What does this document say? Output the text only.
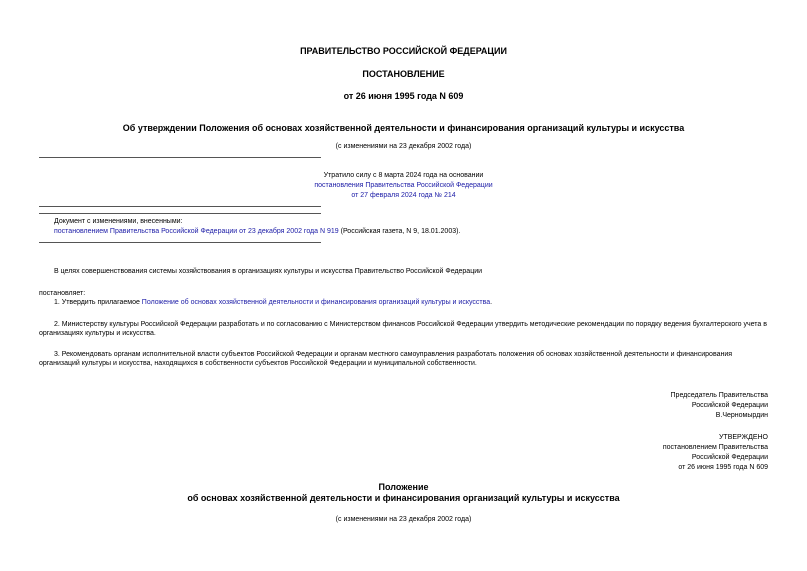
ПРАВИТЕЛЬСТВО РОССИЙСКОЙ ФЕДЕРАЦИИ
ПОСТАНОВЛЕНИЕ
от 26 июня 1995 года N 609
Об утверждении Положения об основах хозяйственной деятельности и финансирования организаций культуры и искусства
(с изменениями на 23 декабря 2002 года)
Утратило силу с 8 марта 2024 года на основании
постановления Правительства Российской Федерации
от 27 февраля 2024 года № 214
Документ с изменениями, внесенными:
постановлением Правительства Российской Федерации от 23 декабря 2002 года N 919 (Российская газета, N 9, 18.01.2003).
В целях совершенствования системы хозяйствования в организациях культуры и искусства Правительство Российской Федерации
постановляет:
1. Утвердить прилагаемое Положение об основах хозяйственной деятельности и финансирования организаций культуры и искусства.

2. Министерству культуры Российской Федерации разработать и по согласованию с Министерством финансов Российской Федерации утвердить методические рекомендации по порядку ведения бухгалтерского учета в организациях культуры и искусства.

3. Рекомендовать органам исполнительной власти субъектов Российской Федерации и органам местного самоуправления разработать положения об основах хозяйственной деятельности и финансирования организаций культуры и искусства, находящихся в собственности субъектов Российской Федерации и муниципальной собственности.

Председатель Правительства
Российской Федерации
В.Черномырдин
УТВЕРЖДЕНО
постановлением Правительства
Российской Федерации
от 26 июня 1995 года N 609
Положение
об основах хозяйственной деятельности и финансирования организаций культуры и искусства
(с изменениями на 23 декабря 2002 года)
